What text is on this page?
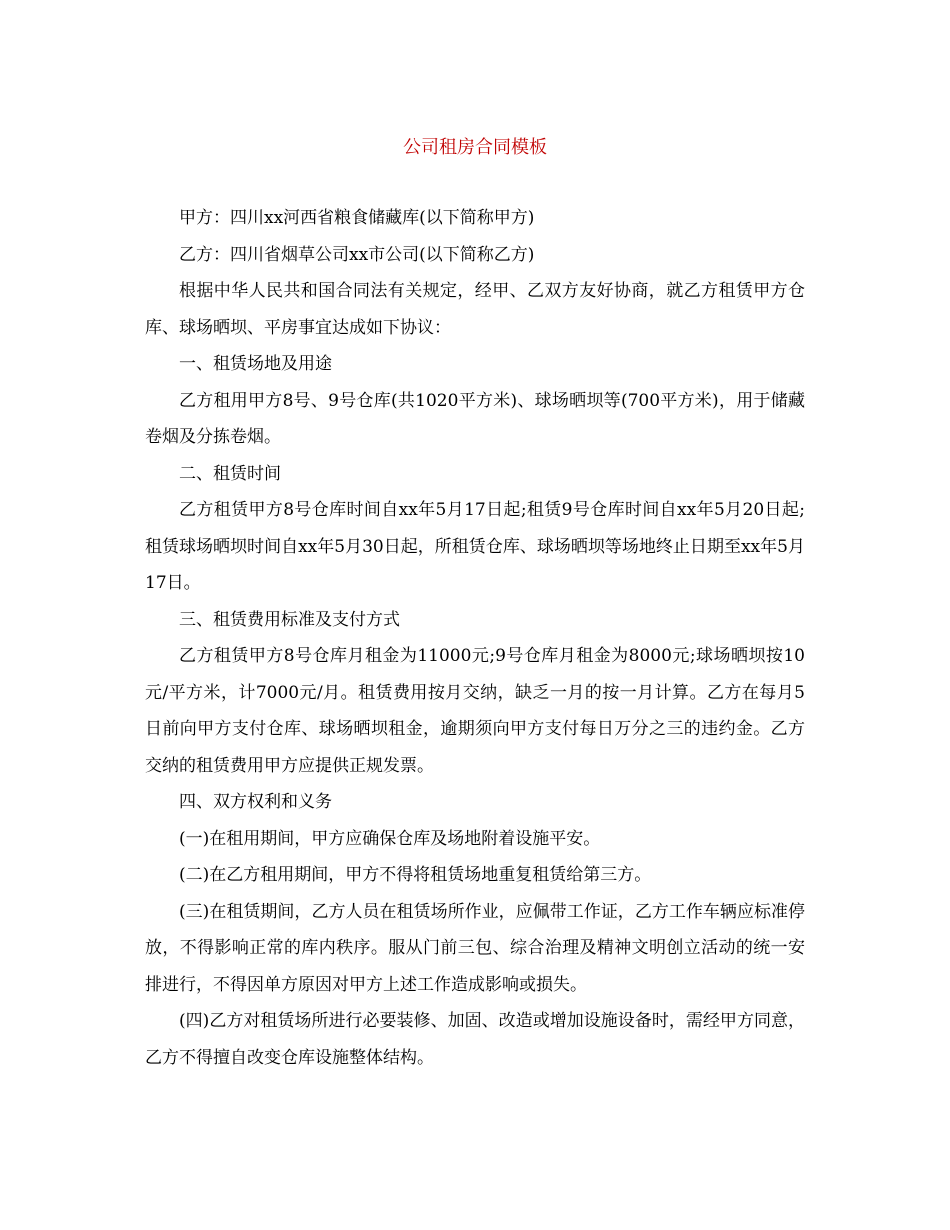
公司租房合同模板

甲方：四川xx河西省粮食储藏库(以下简称甲方)

乙方：四川省烟草公司xx市公司(以下简称乙方)

根据中华人民共和国合同法有关规定，经甲、乙双方友好协商，就乙方租赁甲方仓库、球场晒坝、平房事宜达成如下协议：

一、租赁场地及用途

乙方租用甲方8号、9号仓库(共1020平方米)、球场晒坝等(700平方米)，用于储藏卷烟及分拣卷烟。

二、租赁时间

乙方租赁甲方8号仓库时间自xx年5月17日起;租赁9号仓库时间自xx年5月20日起;租赁球场晒坝时间自xx年5月30日起，所租赁仓库、球场晒坝等场地终止日期至xx年5月17日。

三、租赁费用标准及支付方式

乙方租赁甲方8号仓库月租金为11000元;9号仓库月租金为8000元;球场晒坝按10元/平方米，计7000元/月。租赁费用按月交纳，缺乏一月的按一月计算。乙方在每月5日前向甲方支付仓库、球场晒坝租金，逾期须向甲方支付每日万分之三的违约金。乙方交纳的租赁费用甲方应提供正规发票。

四、双方权利和义务

(一)在租用期间，甲方应确保仓库及场地附着设施平安。

(二)在乙方租用期间，甲方不得将租赁场地重复租赁给第三方。

(三)在租赁期间，乙方人员在租赁场所作业，应佩带工作证，乙方工作车辆应标准停放，不得影响正常的库内秩序。服从门前三包、综合治理及精神文明创立活动的统一安排进行，不得因单方原因对甲方上述工作造成影响或损失。

(四)乙方对租赁场所进行必要装修、加固、改造或增加设施设备时，需经甲方同意，乙方不得擅自改变仓库设施整体结构。
